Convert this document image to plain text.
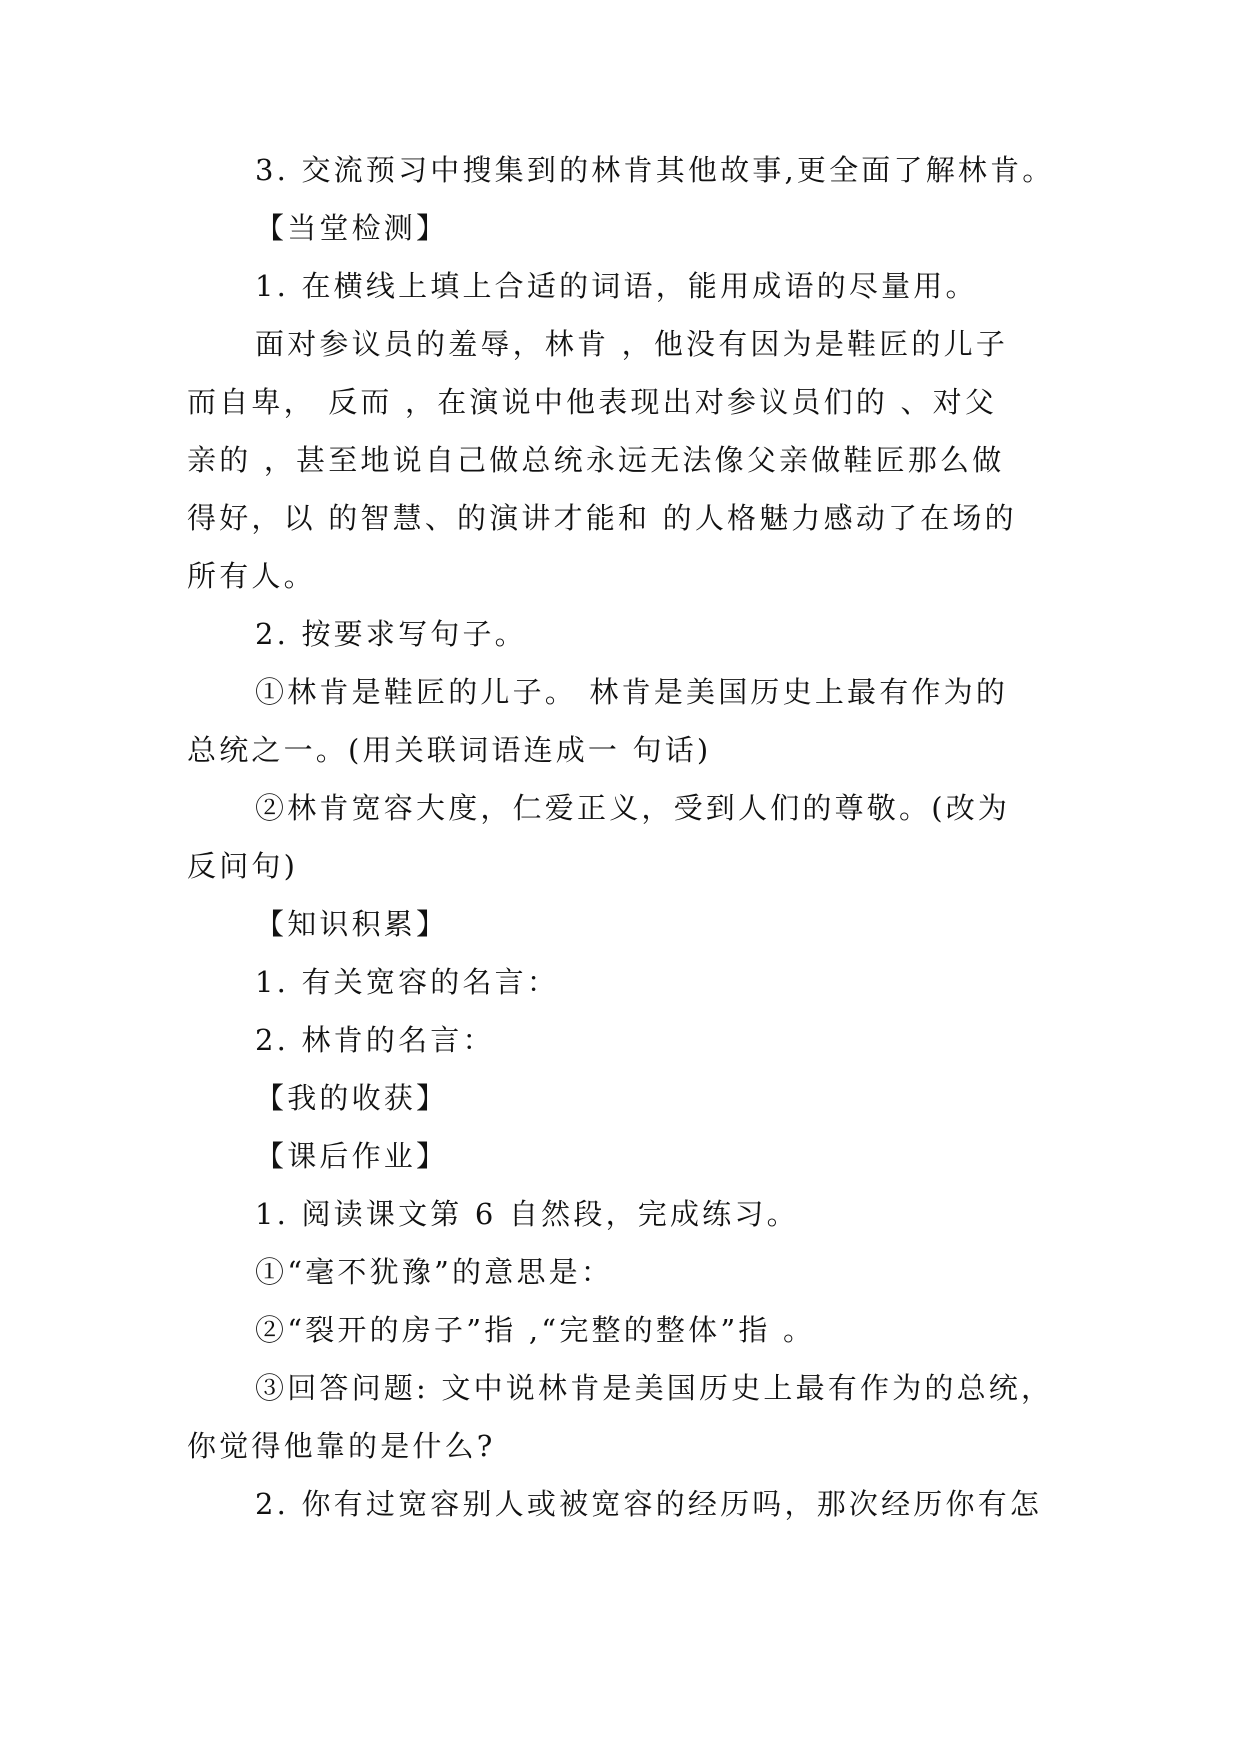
3. 交流预习中搜集到的林肯其他故事,更全面了解林肯。
【当堂检测】
1. 在横线上填上合适的词语，能用成语的尽量用。
面对参议员的羞辱，林肯 ，他没有因为是鞋匠的儿子
而自卑， 反而 ，在演说中他表现出对参议员们的 、对父
亲的 ，甚至地说自己做总统永远无法像父亲做鞋匠那么做
得好，以 的智慧、的演讲才能和 的人格魅力感动了在场的
所有人。
2. 按要求写句子。
①林肯是鞋匠的儿子。 林肯是美国历史上最有作为的
总统之一。(用关联词语连成一 句话)
②林肯宽容大度，仁爱正义，受到人们的尊敬。(改为
反问句)
【知识积累】
1. 有关宽容的名言：
2. 林肯的名言：
【我的收获】
【课后作业】
1. 阅读课文第 6 自然段，完成练习。
①“毫不犹豫”的意思是：
②“裂开的房子”指 ,“完整的整体”指 。
③回答问题: 文中说林肯是美国历史上最有作为的总统，
你觉得他靠的是什么?
2. 你有过宽容别人或被宽容的经历吗，那次经历你有怎
